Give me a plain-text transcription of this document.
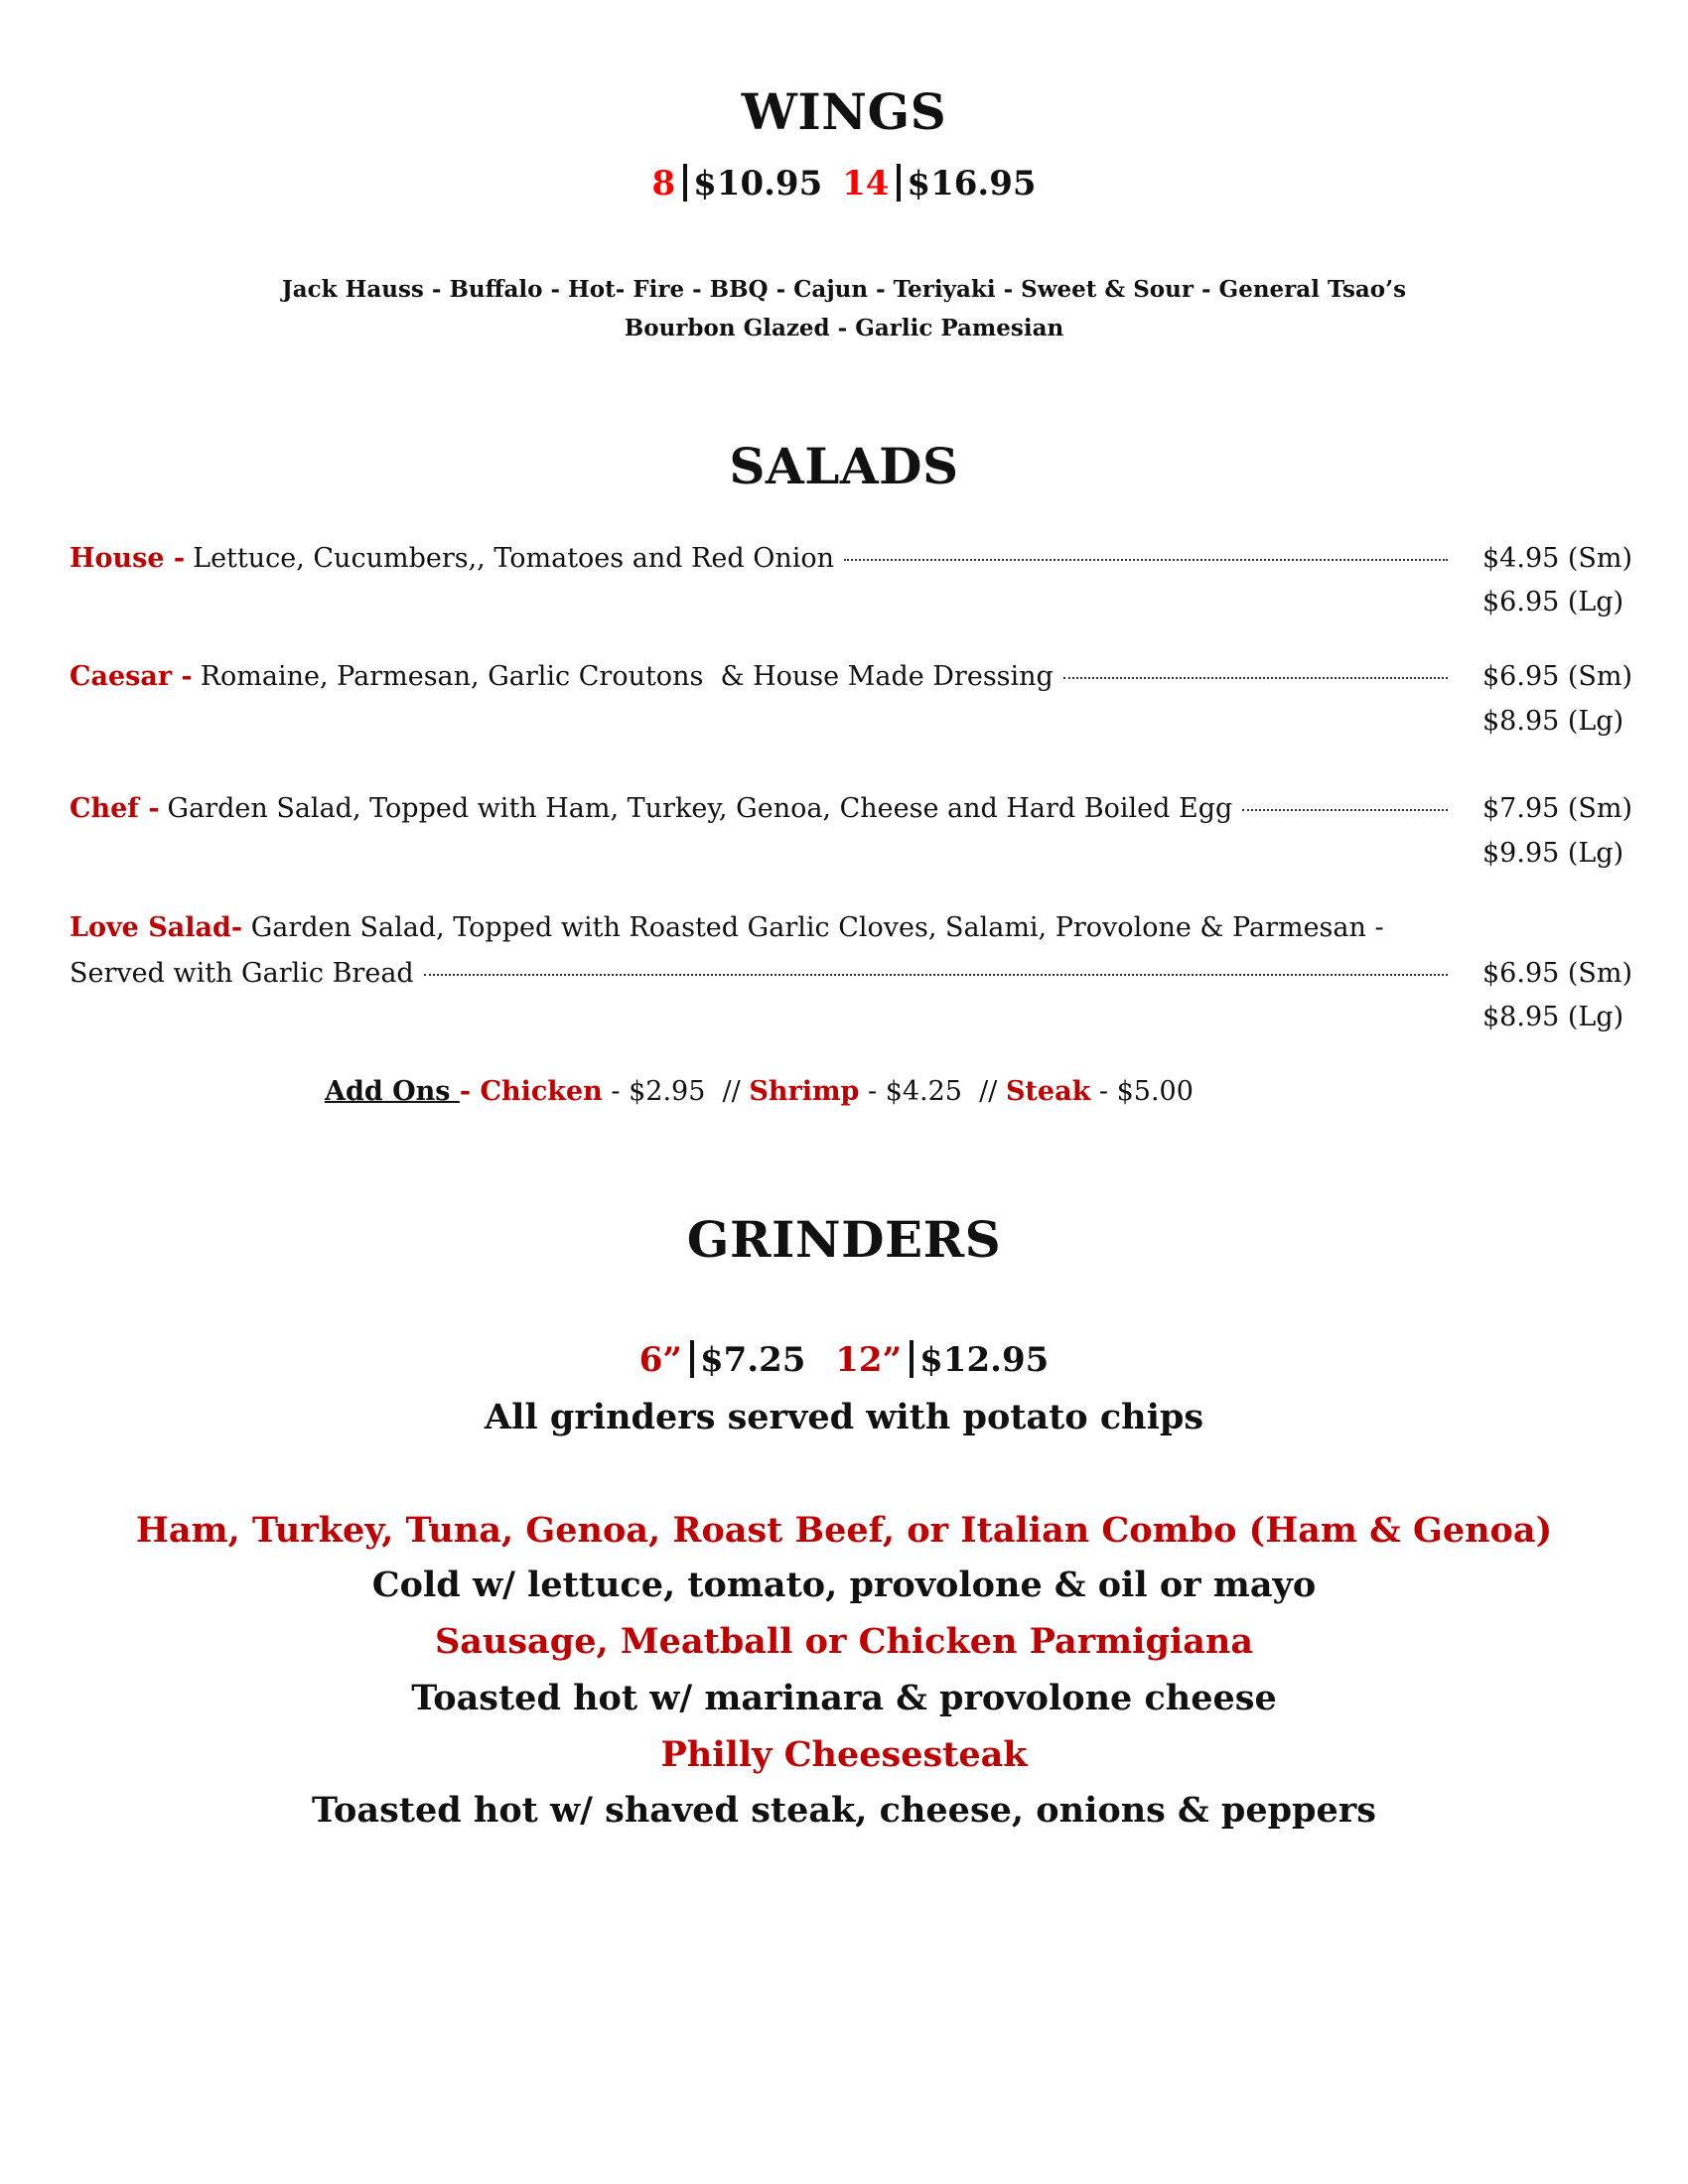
WINGS
8 $10.95 14 $16.95
Jack Hauss - Buffalo - Hot- Fire - BBQ - Cajun - Teriyaki - Sweet & Sour - General Tsao’s
Bourbon Glazed - Garlic Pamesian
SALADS
House - Lettuce, Cucumbers,, Tomatoes and Red Onion	$4.95 (Sm)
$6.95 (Lg)
Caesar - Romaine, Parmesan, Garlic Croutons  & House Made Dressing	$6.95 (Sm)
$8.95 (Lg)
Chef - Garden Salad, Topped with Ham, Turkey, Genoa, Cheese and Hard Boiled Egg	$7.95 (Sm)
$9.95 (Lg)
Love Salad- Garden Salad, Topped with Roasted Garlic Cloves, Salami, Provolone & Parmesan -
Served with Garlic Bread	$6.95 (Sm)
$8.95 (Lg)
Add Ons - Chicken - $2.95  // Shrimp - $4.25  // Steak - $5.00
GRINDERS
6” $7.25 12” $12.95
All grinders served with potato chips
Ham, Turkey, Tuna, Genoa, Roast Beef, or Italian Combo (Ham & Genoa)
Cold w/ lettuce, tomato, provolone & oil or mayo
Sausage, Meatball or Chicken Parmigiana
Toasted hot w/ marinara & provolone cheese
Philly Cheesesteak
Toasted hot w/ shaved steak, cheese, onions & peppers
